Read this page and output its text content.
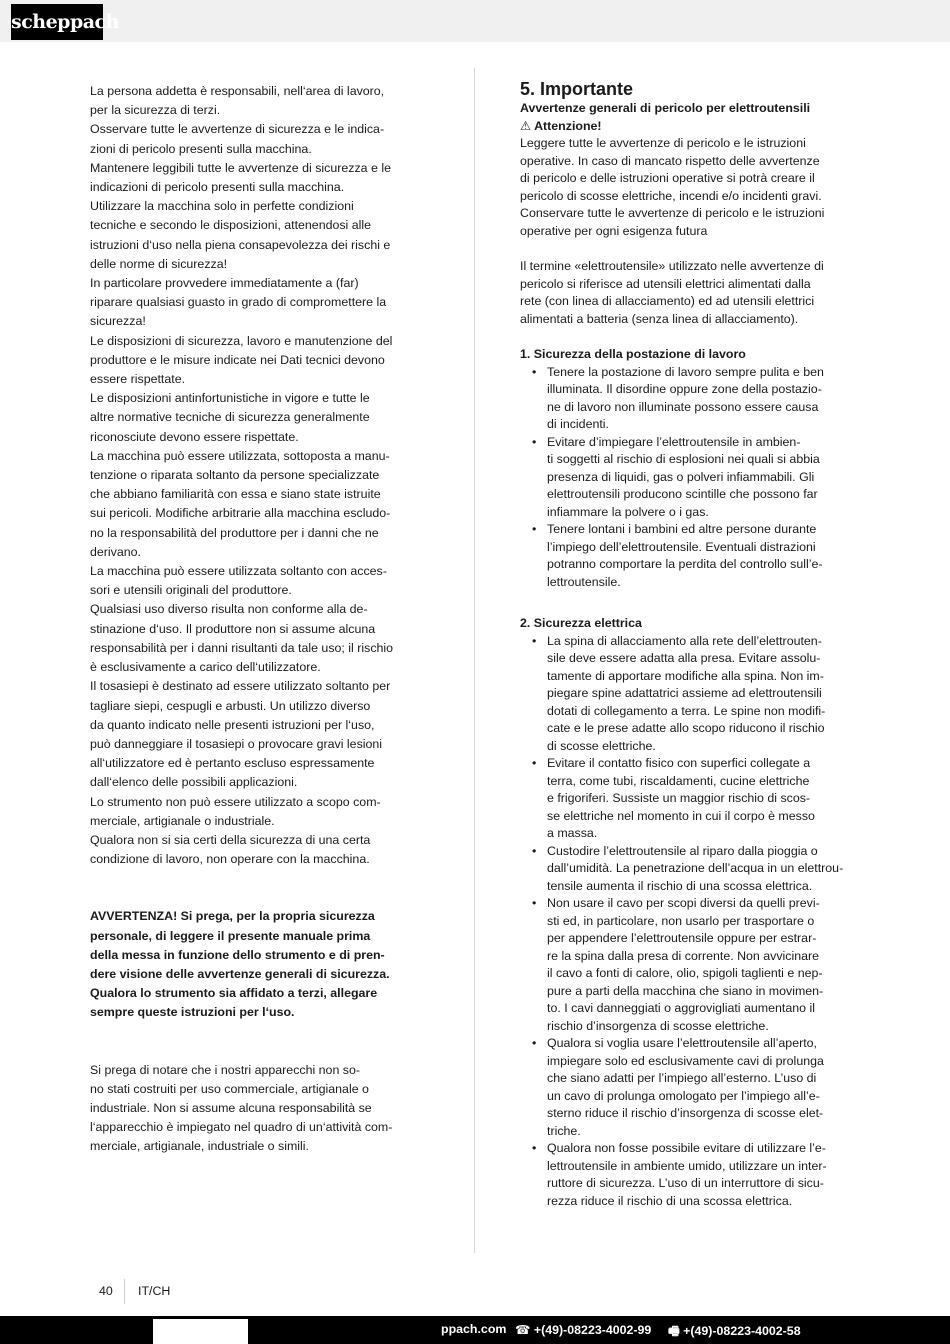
scheppach

La persona addetta è responsabili, nell‘area di lavoro,
per la sicurezza di terzi.

Osservare tutte le avvertenze di sicurezza e le indica-
zioni di pericolo presenti sulla macchina.

Mantenere leggibili tutte le avvertenze di sicurezza e le
indicazioni di pericolo presenti sulla macchina.

Utilizzare la macchina solo in perfette condizioni
tecniche e secondo le disposizioni, attenendosi alle
istruzioni d‘uso nella piena consapevolezza dei rischi e
delle norme di sicurezza!

In particolare provvedere immediatamente a (far)
riparare qualsiasi guasto in grado di compromettere la
sicurezza!

Le disposizioni di sicurezza, lavoro e manutenzione del
produttore e le misure indicate nei Dati tecnici devono
essere rispettate.

Le disposizioni antinfortunistiche in vigore e tutte le
altre normative tecniche di sicurezza generalmente
riconosciute devono essere rispettate.

La macchina può essere utilizzata, sottoposta a manu-
tenzione o riparata soltanto da persone specializzate
che abbiano familiarità con essa e siano state istruite
sui pericoli. Modifiche arbitrarie alla macchina escludo-
no la responsabilità del produttore per i danni che ne
derivano.

La macchina può essere utilizzata soltanto con acces-
sori e utensili originali del produttore.

Qualsiasi uso diverso risulta non conforme alla de-
stinazione d‘uso. Il produttore non si assume alcuna
responsabilità per i danni risultanti da tale uso; il rischio
è esclusivamente a carico dell‘utilizzatore.

Il tosasiepi è destinato ad essere utilizzato soltanto per
tagliare siepi, cespugli e arbusti. Un utilizzo diverso
da quanto indicato nelle presenti istruzioni per l‘uso,
può danneggiare il tosasiepi o provocare gravi lesioni
all‘utilizzatore ed è pertanto escluso espressamente
dall‘elenco delle possibili applicazioni.

Lo strumento non può essere utilizzato a scopo com-
merciale, artigianale o industriale.

Qualora non si sia certi della sicurezza di una certa
condizione di lavoro, non operare con la macchina.

AVVERTENZA! Si prega, per la propria sicurezza
personale, di leggere il presente manuale prima
della messa in funzione dello strumento e di pren-
dere visione delle avvertenze generali di sicurezza.
Qualora lo strumento sia affidato a terzi, allegare
sempre queste istruzioni per l‘uso.

Si prega di notare che i nostri apparecchi non so-
no stati costruiti per uso commerciale, artigianale o
industriale. Non si assume alcuna responsabilità se
l‘apparecchio è impiegato nel quadro di un‘attività com-
merciale, artigianale, industriale o simili.

5. Importante

Avvertenze generali di pericolo per elettroutensili

⚠ Attenzione!

Leggere tutte le avvertenze di pericolo e le istruzioni
operative. In caso di mancato rispetto delle avvertenze
di pericolo e delle istruzioni operative si potrà creare il
pericolo di scosse elettriche, incendi e/o incidenti gravi.
Conservare tutte le avvertenze di pericolo e le istruzioni
operative per ogni esigenza futura

Il termine «elettroutensile» utilizzato nelle avvertenze di
pericolo si riferisce ad utensili elettrici alimentati dalla
rete (con linea di allacciamento) ed ad utensili elettrici
alimentati a batteria (senza linea di allacciamento).

1. Sicurezza della postazione di lavoro

• Tenere la postazione di lavoro sempre pulita e ben
illuminata. Il disordine oppure zone della postazio-
ne di lavoro non illuminate possono essere causa
di incidenti.
• Evitare d’impiegare l’elettroutensile in ambien-
ti soggetti al rischio di esplosioni nei quali si abbia
presenza di liquidi, gas o polveri infiammabili. Gli
elettroutensili producono scintille che possono far
infiammare la polvere o i gas.
• Tenere lontani i bambini ed altre persone durante
l’impiego dell’elettroutensile. Eventuali distrazioni
potranno comportare la perdita del controllo sull’e-
lettroutensile.

2. Sicurezza elettrica

• La spina di allacciamento alla rete dell’elettrouten-
sile deve essere adatta alla presa. Evitare assolu-
tamente di apportare modifiche alla spina. Non im-
piegare spine adattatrici assieme ad elettroutensili
dotati di collegamento a terra. Le spine non modifi-
cate e le prese adatte allo scopo riducono il rischio
di scosse elettriche.
• Evitare il contatto fisico con superfici collegate a
terra, come tubi, riscaldamenti, cucine elettriche
e frigoriferi. Sussiste un maggior rischio di scos-
se elettriche nel momento in cui il corpo è messo
a massa.
• Custodire l’elettroutensile al riparo dalla pioggia o
dall’umidità. La penetrazione dell’acqua in un elettrou-
tensile aumenta il rischio di una scossa elettrica.
• Non usare il cavo per scopi diversi da quelli previ-
sti ed, in particolare, non usarlo per trasportare o
per appendere l’elettroutensile oppure per estrar-
re la spina dalla presa di corrente. Non avvicinare
il cavo a fonti di calore, olio, spigoli taglienti e nep-
pure a parti della macchina che siano in movimen-
to. I cavi danneggiati o aggrovigliati aumentano il
rischio d’insorgenza di scosse elettriche.
• Qualora si voglia usare l’elettroutensile all’aperto,
impiegare solo ed esclusivamente cavi di prolunga
che siano adatti per l’impiego all’esterno. L’uso di
un cavo di prolunga omologato per l’impiego all’e-
sterno riduce il rischio d’insorgenza di scosse elet-
triche.
• Qualora non fosse possibile evitare di utilizzare l’e-
lettroutensile in ambiente umido, utilizzare un inter-
ruttore di sicurezza. L’uso di un interruttore di sicu-
rezza riduce il rischio di una scossa elettrica.
40 IT/CH
ppach.com ☎ +(49)-08223-4002-99 🖷 +(49)-08223-4002-58
